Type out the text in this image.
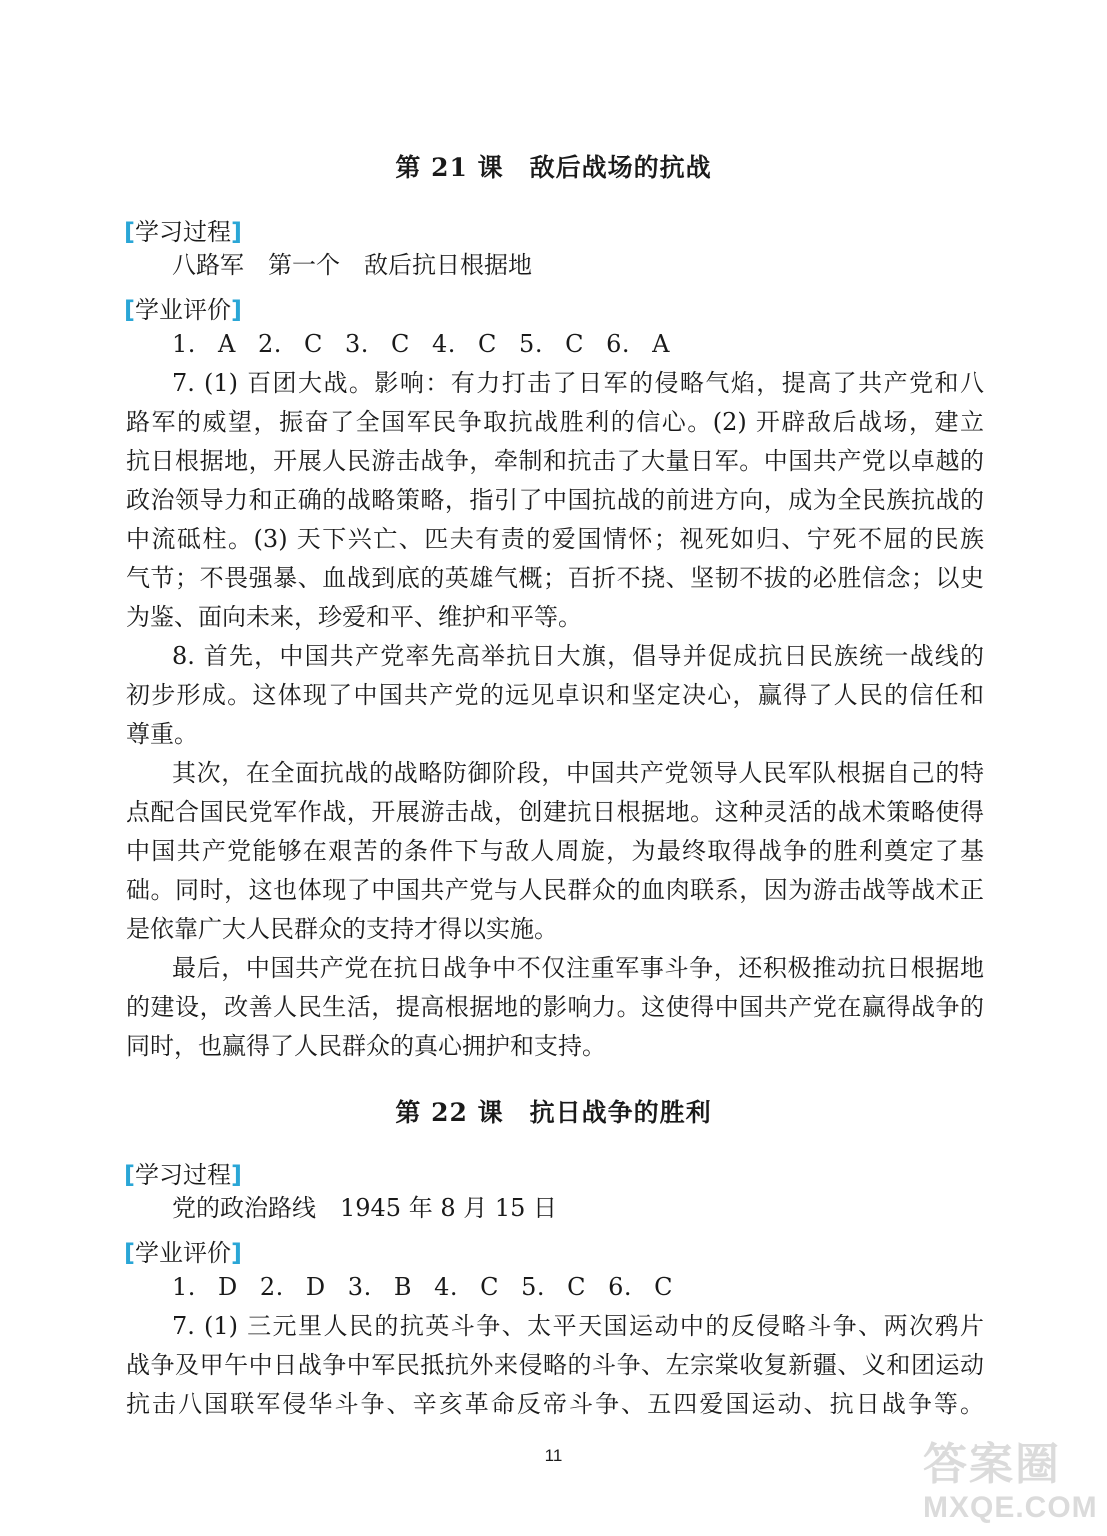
第 21 课　敌后战场的抗战
[学习过程]
八路军　第一个　敌后抗日根据地
[学业评价]
1. A 2. C 3. C 4. C 5. C 6. A
7. (1) 百团大战。影响：有力打击了日军的侵略气焰，提高了共产党和八
路军的威望，振奋了全国军民争取抗战胜利的信心。(2) 开辟敌后战场，建立
抗日根据地，开展人民游击战争，牵制和抗击了大量日军。中国共产党以卓越的
政治领导力和正确的战略策略，指引了中国抗战的前进方向，成为全民族抗战的
中流砥柱。(3) 天下兴亡、匹夫有责的爱国情怀；视死如归、宁死不屈的民族
气节；不畏强暴、血战到底的英雄气概；百折不挠、坚韧不拔的必胜信念；以史
为鉴、面向未来，珍爱和平、维护和平等。
8. 首先，中国共产党率先高举抗日大旗，倡导并促成抗日民族统一战线的
初步形成。这体现了中国共产党的远见卓识和坚定决心，赢得了人民的信任和
尊重。
其次，在全面抗战的战略防御阶段，中国共产党领导人民军队根据自己的特
点配合国民党军作战，开展游击战，创建抗日根据地。这种灵活的战术策略使得
中国共产党能够在艰苦的条件下与敌人周旋，为最终取得战争的胜利奠定了基
础。同时，这也体现了中国共产党与人民群众的血肉联系，因为游击战等战术正
是依靠广大人民群众的支持才得以实施。
最后，中国共产党在抗日战争中不仅注重军事斗争，还积极推动抗日根据地
的建设，改善人民生活，提高根据地的影响力。这使得中国共产党在赢得战争的
同时，也赢得了人民群众的真心拥护和支持。
第 22 课　抗日战争的胜利
[学习过程]
党的政治路线　1945 年 8 月 15 日
[学业评价]
1. D 2. D 3. B 4. C 5. C 6. C
7. (1) 三元里人民的抗英斗争、太平天国运动中的反侵略斗争、两次鸦片
战争及甲午中日战争中军民抵抗外来侵略的斗争、左宗棠收复新疆、义和团运动
抗击八国联军侵华斗争、辛亥革命反帝斗争、五四爱国运动、抗日战争等。
11	答案圈
MXQE.COM
